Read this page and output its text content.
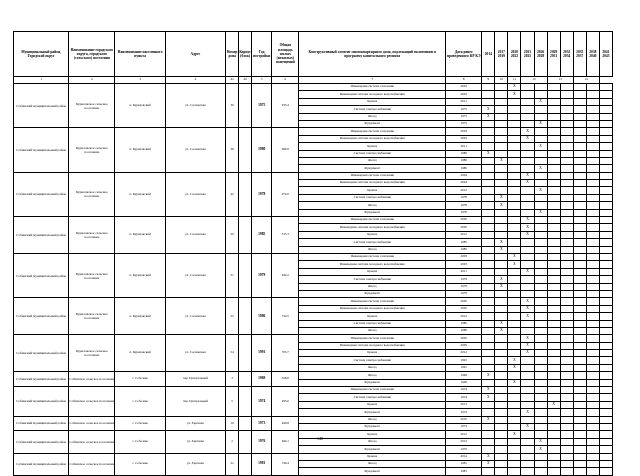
Муниципальный район, Городской округ	Наименование городского округа, городского (сельского) поселения	Наименование населенного пункта	Адрес	Номер дома	Корпус (блок)	Год постройки	Общая площадь жилых (нежилых) помещений	Конструктивный элемент многоквартирного дома, подлежащий включению в программу капитального ремонта	Дата ранее проведенного КР КЭ	2014	2017 2019	2020 2022	2023 2025	2026 2028	2029 2031	2032 2034	2035 2037	2038 2040	2041 2043
1	2	3	4	4а	4б	5	6	7	8	9	10	11	12		13		14		
Собинский муниципальный район	Куриловское сельское поселение	п. Куриловский	ул. Сосновская	36		1975	933.4	Инженерная система отопления	2003			X							
								Инженерная система холодного водоснабжения	2003			X							
								Крыша	2011					X					
								Система электроснабжения	1975	X									
								Фасад	1975	X									
								Фундамент	1975					X					
Собинский муниципальный район	Куриловское сельское поселение	п. Куриловский	ул. Сосновская	38		1980	990.9	Инженерная система отопления	2003				X						
								Инженерная система холодного водоснабжения	2003				X						
								Крыша	2011					X					
								Система электроснабжения	1980	X									
								Фасад	1980		X								
								Фундамент	1980					X					
Собинский муниципальный район	Куриловское сельское поселение	п. Куриловский	ул. Сосновская	42		1978	974.0	Инженерная система отопления	2004				X						
								Инженерная система холодного водоснабжения	2004				X						
								Крыша	2012					X					
								Система электроснабжения	1978		X								
								Фасад	1978		X								
								Фундамент	1978					X					
Собинский муниципальный район	Куриловское сельское поселение	п. Куриловский	ул. Сосновская	50		1985	725.3	Инженерная система отопления	2005				X						
								Инженерная система холодного водоснабжения	2005				X						
								Крыша	2012				X						
								Система электроснабжения	1985		X								
								Фасад	1985		X								
Собинский муниципальный район	Куриловское сельское поселение	п. Куриловский	ул. Сосновская	51		1979	942.2	Инженерная система отопления	2003			X							
								Инженерная система холодного водоснабжения	2003			X							
								Крыша	2011				X						
								Система электроснабжения	1979		X								
								Фасад	1979		X								
								Фундамент	1979										
Собинский муниципальный район	Куриловское сельское поселение	п. Куриловский	ул. Сосновская	52		1986	724.5	Инженерная система отопления	2005				X						
								Инженерная система холодного водоснабжения	2005				X						
								Крыша	2012				X						
								Система электроснабжения	1986		X								
								Фасад	1986		X								
Собинский муниципальный район	Куриловское сельское поселение	п. Куриловский	ул. Сосновская	54		1991	705.7	Инженерная система отопления	2005				X						
								Инженерная система холодного водоснабжения	2005				X						
								Крыша	2012				X						
								Система электроснабжения	1991			X							
								Фасад	1991			X							
Собинский муниципальный район	Собинское сельское поселение	с. Соболево	пер. Центральный	3		1969	328.6	Фасад	1969	X									
								Фундамент	1969			X							
Собинский муниципальный район	Собинское сельское поселение	с. Соболево	пер. Центральный	5		1974	495.6	Инженерная система отопления	1974	X									
								Система электроснабжения	1974	X									
								Крыша	2013						X				
								Фундамент	1974				X						
Собинский муниципальный район	Собинское сельское поселение	с. Соболево	ул. Заречная	16		1973	490.8	Фасад	2010	X									
								Фундамент	1973				X						
Собинский муниципальный район	Собинское сельское поселение	с. Соболево	ул. Заречная	2		1976	494.1	Крыша	2012			X							
								Фасад	2012					X					
								Фундамент	1976					X					
Собинский муниципальный район	Собинское сельское поселение	с. Соболево	ул. Заречная	2а		1981	740.4	Крыша	2014	X									
								Фасад	1981	X									
								Фундамент	1981										
148
